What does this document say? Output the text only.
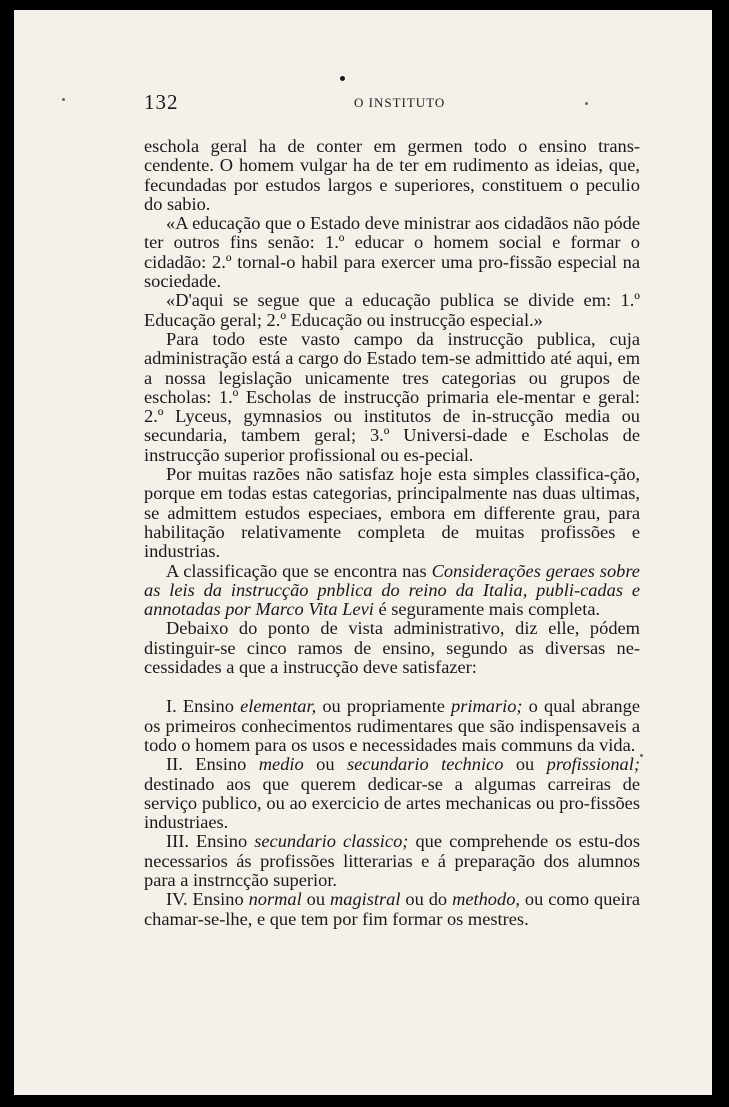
132	O INSTITUTO

eschola geral ha de conter em germen todo o ensino trans-cendente. O homem vulgar ha de ter em rudimento as ideias, que, fecundadas por estudos largos e superiores, constituem o peculio do sabio.

«A educação que o Estado deve ministrar aos cidadãos não póde ter outros fins senão: 1.º educar o homem social e formar o cidadão: 2.º tornal-o habil para exercer uma pro-fissão especial na sociedade.

«D'aqui se segue que a educação publica se divide em: 1.º Educação geral; 2.º Educação ou instrucção especial.»

Para todo este vasto campo da instrucção publica, cuja administração está a cargo do Estado tem-se admittido até aqui, em a nossa legislação unicamente tres categorias ou grupos de escholas: 1.º Escholas de instrucção primaria ele-mentar e geral: 2.º Lyceus, gymnasios ou institutos de in-strucção media ou secundaria, tambem geral; 3.º Universi-dade e Escholas de instrucção superior profissional ou es-pecial.

Por muitas razões não satisfaz hoje esta simples classifica-ção, porque em todas estas categorias, principalmente nas duas ultimas, se admittem estudos especiaes, embora em differente grau, para habilitação relativamente completa de muitas profissões e industrias.

A classificação que se encontra nas Considerações geraes sobre as leis da instrucção pnblica do reino da Italia, publi-cadas e annotadas por Marco Vita Levi é seguramente mais completa.

Debaixo do ponto de vista administrativo, diz elle, pódem distinguir-se cinco ramos de ensino, segundo as diversas ne-cessidades a que a instrucção deve satisfazer:

I. Ensino elementar, ou propriamente primario; o qual abrange os primeiros conhecimentos rudimentares que são indispensaveis a todo o homem para os usos e necessidades mais communs da vida.

II. Ensino medio ou secundario technico ou profissional; destinado aos que querem dedicar-se a algumas carreiras de serviço publico, ou ao exercicio de artes mechanicas ou pro-fissões industriaes.

III. Ensino secundario classico; que comprehende os estu-dos necessarios ás profissões litterarias e á preparação dos alumnos para a instrncção superior.

IV. Ensino normal ou magistral ou do methodo, ou como queira chamar-se-lhe, e que tem por fim formar os mestres.
